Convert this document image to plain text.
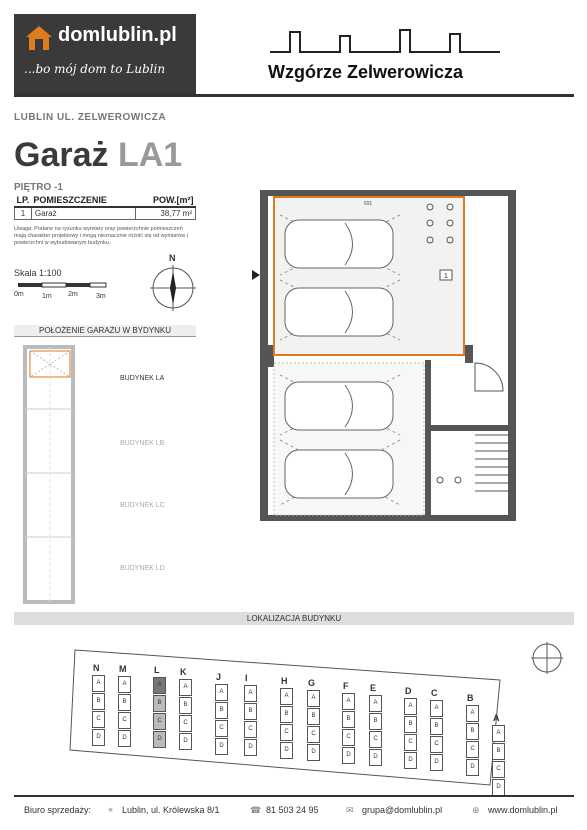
domlublin.pl
...bo mój dom to Lublin	Wzgórze Zelwerowicza
LUBLIN UL. ZELWEROWICZA
Garaż LA1
PIĘTRO -1
LP.	POMIESZCZENIE	POW.[m²]
1	Garaż	38,77 m²
Uwaga: Podane na rysunku wymiary oraz powierzchnie pomieszczeń mają charakter projektowy i mogą nieznacznie różnić się od wymiarów i powierzchni w wybudowanym budynku.
Skala 1:100
0m	1m 2m	3m
N
POŁOŻENIE GARAŻU W BYDYNKU
BUDYNEK LA
BUDYNEK LB
BUDYNEK LC
BUDYNEK LD
691
1
LOKALIZACJA BUDYNKU
N
A
B
C
D
M
A
B
C
D
L
A
B
C
D
K
A
B
C
D
J
A
B
C
D
I
A
B
C
D
H
A
B
C
D
G
A
B
C
D
F
A
B
C
D
E
A
B
C
D
D
A
B
C
D
C
A
B
C
D
B
A
B
C
D
A
A
B
C
D
Biuro sprzedaży: ⌖ Lublin, ul. Królewska 8/1	☎ 81 503 24 95	✉ grupa@domlublin.pl	⊕ www.domlublin.pl
